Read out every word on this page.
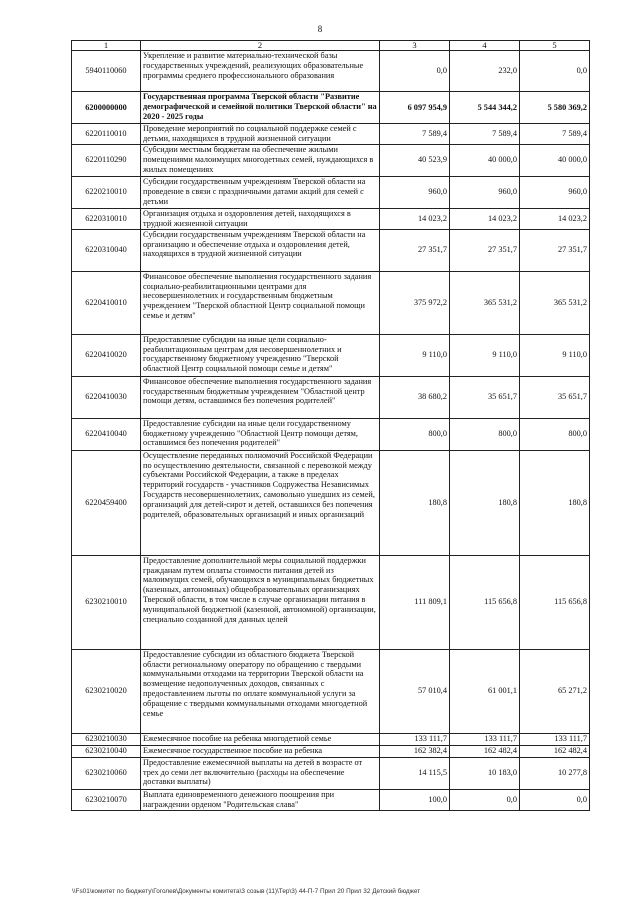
8
1	2	3	4	5
5940110060	Укрепление и развитие материально-технической базы государственных учреждений, реализующих образовательные программы среднего профессионального образования	0,0	232,0	0,0
6200000000	Государственная программа Тверской области "Развитие демографической и семейной политики Тверской области" на 2020 - 2025 годы	6 097 954,9	5 544 344,2	5 580 369,2
6220110010	Проведение мероприятий по социальной поддержке семей с детьми, находящихся в трудной жизненной ситуации	7 589,4	7 589,4	7 589,4
6220110290	Субсидии местным бюджетам на обеспечение жилыми помещениями малоимущих многодетных семей, нуждающихся в жилых помещениях	40 523,9	40 000,0	40 000,0
6220210010	Субсидии государственным учреждениям Тверской области на проведение в связи с праздничными датами акций для семей с детьми	960,0	960,0	960,0
6220310010	Организация отдыха и оздоровления детей, находящихся в трудной жизненной ситуации	14 023,2	14 023,2	14 023,2
6220310040	Субсидии государственным учреждениям Тверской области на организацию и обеспечение отдыха и оздоровления детей, находящихся в трудной жизненной ситуации	27 351,7	27 351,7	27 351,7
6220410010	Финансовое обеспечение выполнения государственного задания социально-реабилитационными центрами для несовершеннолетних и государственным бюджетным учреждением "Тверской областной Центр социальной помощи семье и детям"	375 972,2	365 531,2	365 531,2
6220410020	Предоставление субсидии на иные цели социально-реабилитационным центрам для несовершеннолетних и государственному бюджетному учреждению "Тверской областной Центр социальной помощи семье и детям"	9 110,0	9 110,0	9 110,0
6220410030	Финансовое обеспечение выполнения государственного задания государственным бюджетным учреждением "Областной центр помощи детям, оставшимся без попечения родителей"	38 680,2	35 651,7	35 651,7
6220410040	Предоставление субсидии на иные цели государственному бюджетному учреждению "Областной Центр помощи детям, оставшимся без попечения родителей"	800,0	800,0	800,0
6220459400	Осуществление переданных полномочий Российской Федерации по осуществлению деятельности, связанной с перевозкой между субъектами Российской Федерации, а также в пределах территорий государств - участников Содружества Независимых Государств несовершеннолетних, самовольно ушедших из семей, организаций для детей-сирот и детей, оставшихся без попечения родителей, образовательных организаций и иных организаций	180,8	180,8	180,8
6230210010	Предоставление дополнительной меры социальной поддержки гражданам путем оплаты стоимости питания детей из малоимущих семей, обучающихся в муниципальных бюджетных (казенных, автономных) общеобразовательных организациях Тверской области, в том числе в случае организации питания в муниципальной бюджетной (казенной, автономной) организации, специально созданной для данных целей	111 809,1	115 656,8	115 656,8
6230210020	Предоставление субсидии из областного бюджета Тверской области региональному оператору по обращению с твердыми коммунальными отходами на территории Тверской области на возмещение недополученных доходов, связанных с предоставлением льготы по оплате коммунальной услуги за обращение с твердыми коммунальными отходами многодетной семье	57 010,4	61 001,1	65 271,2
6230210030	Ежемесячное пособие на ребенка многодетной семье	133 111,7	133 111,7	133 111,7
6230210040	Ежемесячное государственное пособие на ребенка	162 382,4	162 482,4	162 482,4
6230210060	Предоставление ежемесячной выплаты на детей в возрасте от трех до семи лет включительно (расходы на обеспечение доставки выплаты)	14 115,5	10 183,0	10 277,8
6230210070	Выплата единовременного денежного поощрения при награждении орденом "Родительская слава"	100,0	0,0	0,0
\\Fs01\комитет по бюджету\Гоголев\Документы комитета\3 созыв (11)\Тер\3) 44-П-7 Прил 20 Прил 32 Детский бюджет
